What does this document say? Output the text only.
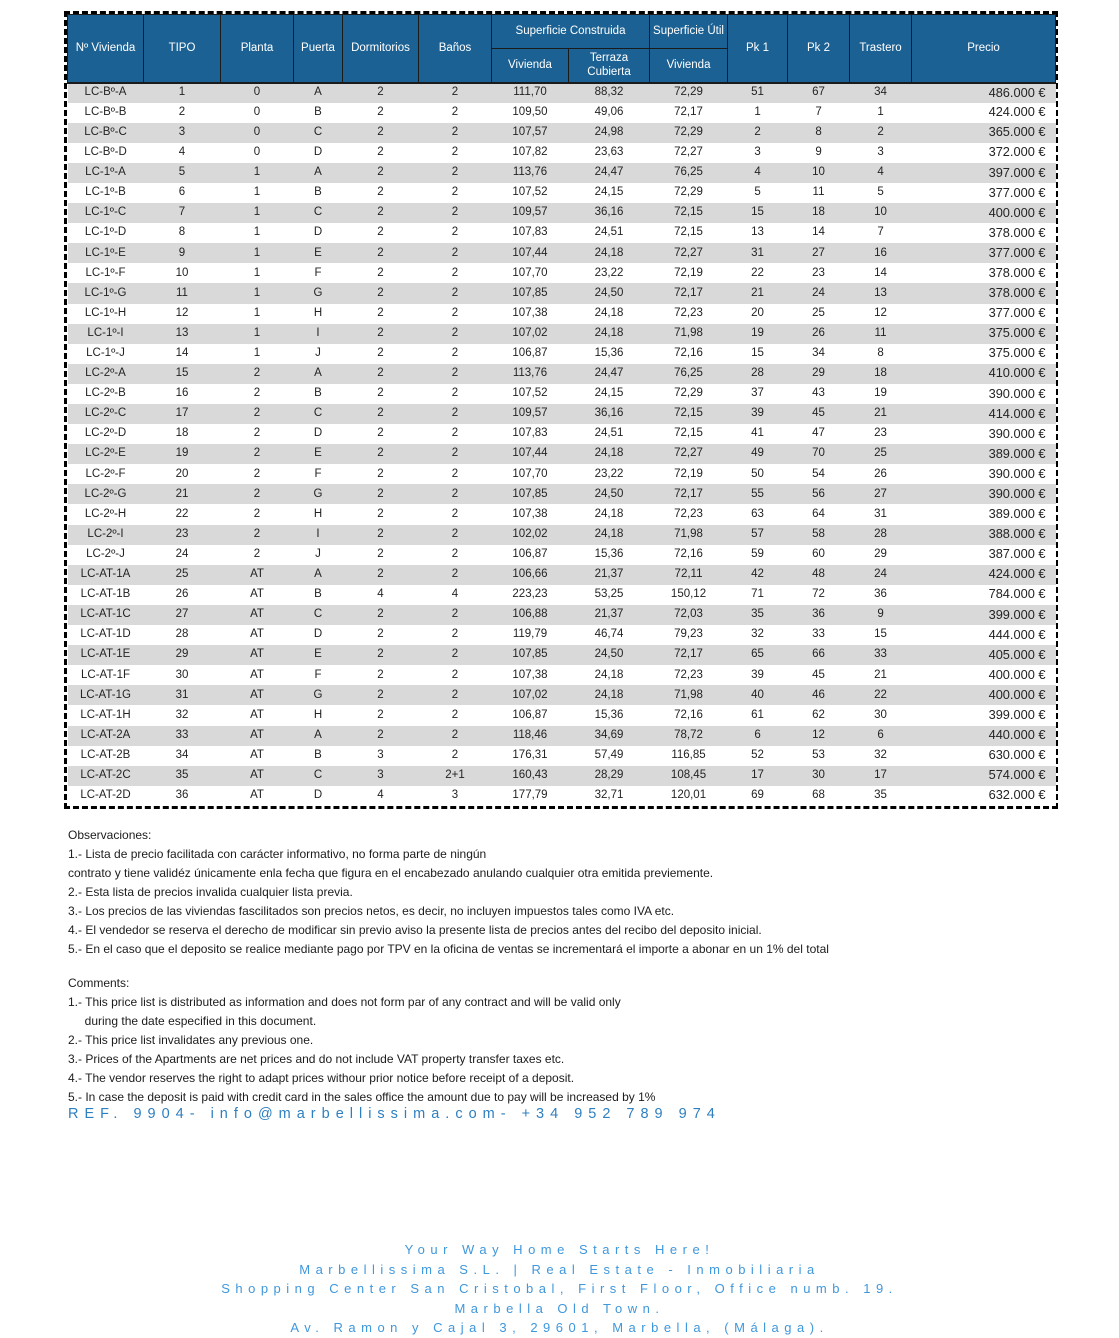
Nº Vivienda	TIPO	Planta	Puerta	Dormitorios	Baños	Superficie Construida		Superficie Útil	Pk 1	Pk 2	Trastero	Precio
						Vivienda	Terraza Cubierta	Vivienda				
LC-Bº-A	1	0	A	2	2	111,70	88,32	72,29	51	67	34	486.000 €
LC-Bº-B	2	0	B	2	2	109,50	49,06	72,17	1	7	1	424.000 €
LC-Bº-C	3	0	C	2	2	107,57	24,98	72,29	2	8	2	365.000 €
LC-Bº-D	4	0	D	2	2	107,82	23,63	72,27	3	9	3	372.000 €
LC-1º-A	5	1	A	2	2	113,76	24,47	76,25	4	10	4	397.000 €
LC-1º-B	6	1	B	2	2	107,52	24,15	72,29	5	11	5	377.000 €
LC-1º-C	7	1	C	2	2	109,57	36,16	72,15	15	18	10	400.000 €
LC-1º-D	8	1	D	2	2	107,83	24,51	72,15	13	14	7	378.000 €
LC-1º-E	9	1	E	2	2	107,44	24,18	72,27	31	27	16	377.000 €
LC-1º-F	10	1	F	2	2	107,70	23,22	72,19	22	23	14	378.000 €
LC-1º-G	11	1	G	2	2	107,85	24,50	72,17	21	24	13	378.000 €
LC-1º-H	12	1	H	2	2	107,38	24,18	72,23	20	25	12	377.000 €
LC-1º-I	13	1	I	2	2	107,02	24,18	71,98	19	26	11	375.000 €
LC-1º-J	14	1	J	2	2	106,87	15,36	72,16	15	34	8	375.000 €
LC-2º-A	15	2	A	2	2	113,76	24,47	76,25	28	29	18	410.000 €
LC-2º-B	16	2	B	2	2	107,52	24,15	72,29	37	43	19	390.000 €
LC-2º-C	17	2	C	2	2	109,57	36,16	72,15	39	45	21	414.000 €
LC-2º-D	18	2	D	2	2	107,83	24,51	72,15	41	47	23	390.000 €
LC-2º-E	19	2	E	2	2	107,44	24,18	72,27	49	70	25	389.000 €
LC-2º-F	20	2	F	2	2	107,70	23,22	72,19	50	54	26	390.000 €
LC-2º-G	21	2	G	2	2	107,85	24,50	72,17	55	56	27	390.000 €
LC-2º-H	22	2	H	2	2	107,38	24,18	72,23	63	64	31	389.000 €
LC-2º-I	23	2	I	2	2	102,02	24,18	71,98	57	58	28	388.000 €
LC-2º-J	24	2	J	2	2	106,87	15,36	72,16	59	60	29	387.000 €
LC-AT-1A	25	AT	A	2	2	106,66	21,37	72,11	42	48	24	424.000 €
LC-AT-1B	26	AT	B	4	4	223,23	53,25	150,12	71	72	36	784.000 €
LC-AT-1C	27	AT	C	2	2	106,88	21,37	72,03	35	36	9	399.000 €
LC-AT-1D	28	AT	D	2	2	119,79	46,74	79,23	32	33	15	444.000 €
LC-AT-1E	29	AT	E	2	2	107,85	24,50	72,17	65	66	33	405.000 €
LC-AT-1F	30	AT	F	2	2	107,38	24,18	72,23	39	45	21	400.000 €
LC-AT-1G	31	AT	G	2	2	107,02	24,18	71,98	40	46	22	400.000 €
LC-AT-1H	32	AT	H	2	2	106,87	15,36	72,16	61	62	30	399.000 €
LC-AT-2A	33	AT	A	2	2	118,46	34,69	78,72	6	12	6	440.000 €
LC-AT-2B	34	AT	B	3	2	176,31	57,49	116,85	52	53	32	630.000 €
LC-AT-2C	35	AT	C	3	2+1	160,43	28,29	108,45	17	30	17	574.000 €
LC-AT-2D	36	AT	D	4	3	177,79	32,71	120,01	69	68	35	632.000 €
Observaciones:
1.- Lista de precio facilitada con carácter informativo, no forma parte de ningún
contrato y tiene validéz únicamente enla fecha que figura en el encabezado anulando cualquier otra emitida previemente.
2.- Esta lista de precios invalida cualquier lista previa.
3.- Los precios de las viviendas fascilitados son precios netos, es decir, no incluyen impuestos tales como IVA etc.
4.- El vendedor se reserva el derecho de modificar sin previo aviso la presente lista de precios antes del recibo del deposito inicial.
5.- En el caso que el deposito se realice mediante pago por TPV en la oficina de ventas se incrementará el importe a abonar en un 1% del total
Comments:
1.- This price list is distributed as information and does not form par of any contract and will be valid only
during the date especified in this document.
2.- This price list invalidates any previous one.
3.- Prices of the Apartments are net prices and do not include VAT property transfer taxes etc.
4.- The vendor reserves the right to adapt prices withour prior notice before receipt of a deposit.
5.- In case the deposit is paid with credit card in the sales office the amount due to pay will be increased by 1%
REF. 9904- info@marbellissima.com- +34 952 789 974
Your Way Home Starts Here!
Marbellissima S.L. | Real Estate - Inmobiliaria
Shopping Center San Cristobal, First Floor, Office numb. 19.
Marbella Old Town.
Av. Ramon y Cajal 3, 29601, Marbella, (Málaga).
